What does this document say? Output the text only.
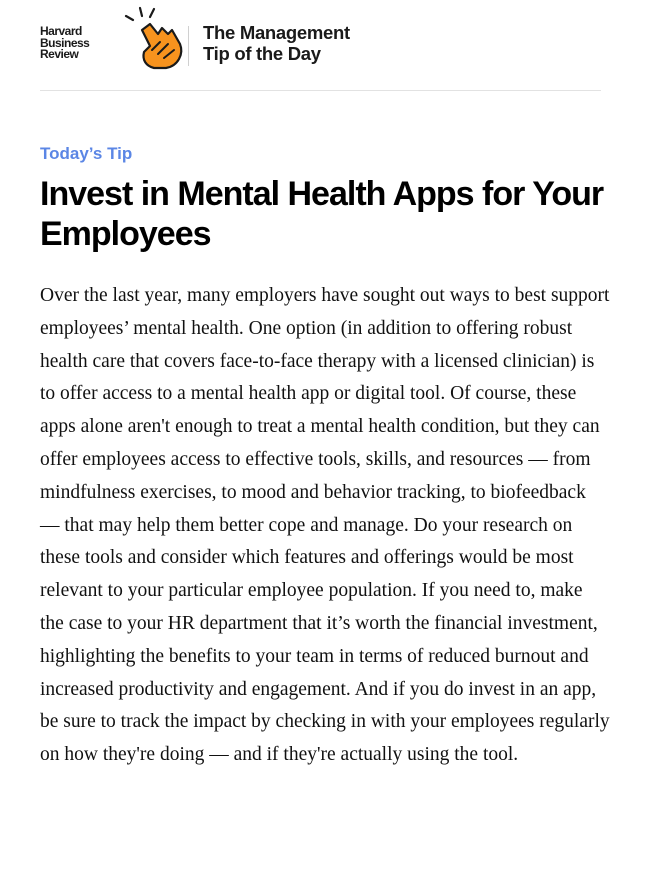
Harvard
Business
Review
The Management
Tip of the Day

Today’s Tip

Invest in Mental Health Apps for Your Employees

Over the last year, many employers have sought out ways to best support employees’ mental health. One option (in addition to offering robust health care that covers face-to-face therapy with a licensed clinician) is to offer access to a mental health app or digital tool. Of course, these apps alone aren't enough to treat a mental health condition, but they can offer employees access to effective tools, skills, and resources — from mindfulness exercises, to mood and behavior tracking, to biofeedback — that may help them better cope and manage. Do your research on these tools and consider which features and offerings would be most relevant to your particular employee population. If you need to, make the case to your HR department that it’s worth the financial investment, highlighting the benefits to your team in terms of reduced burnout and increased productivity and engagement. And if you do invest in an app, be sure to track the impact by checking in with your employees regularly on how they're doing — and if they're actually using the tool.
